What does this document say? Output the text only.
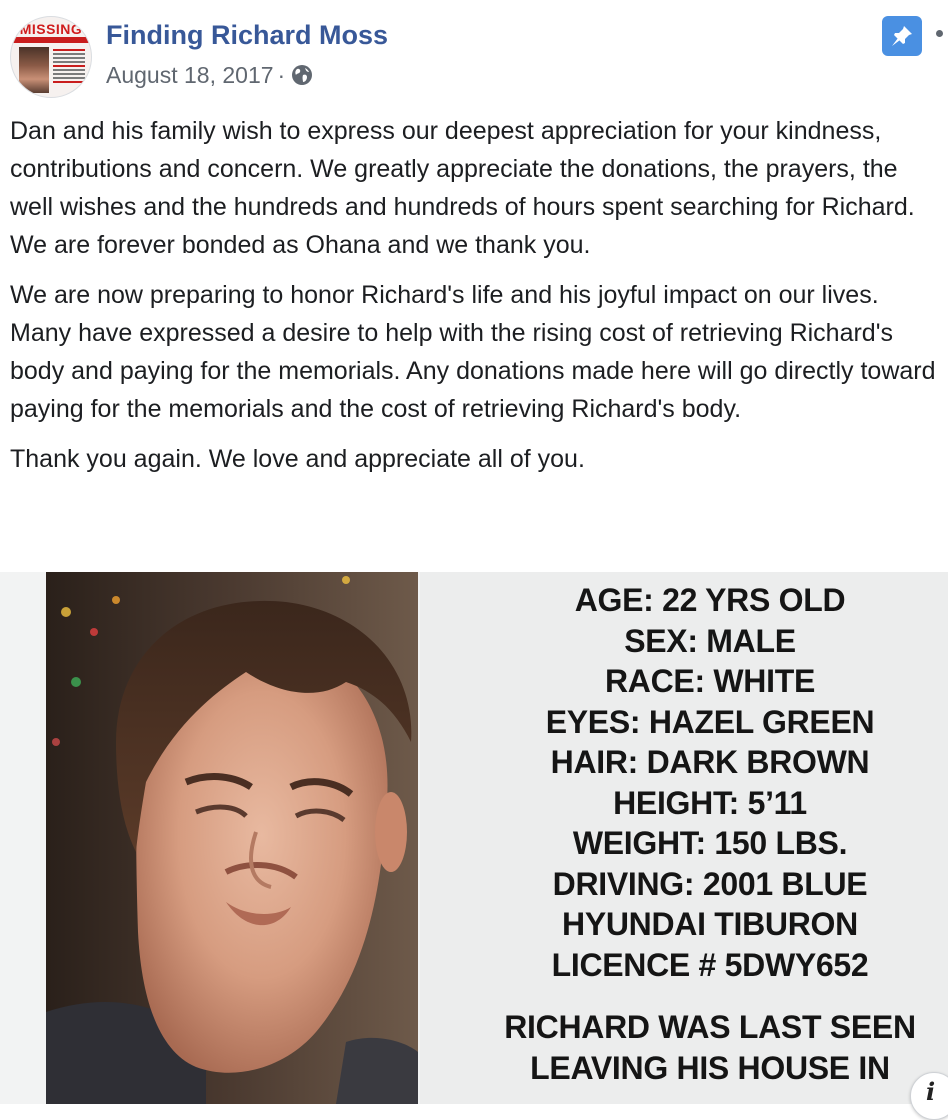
MISSING Finding Richard Moss
August 18, 2017 ·

Dan and his family wish to express our deepest appreciation for your kindness, contributions and concern. We greatly appreciate the donations, the prayers, the well wishes and the hundreds and hundreds of hours spent searching for Richard. We are forever bonded as Ohana and we thank you.

We are now preparing to honor Richard's life and his joyful impact on our lives. Many have expressed a desire to help with the rising cost of retrieving Richard's body and paying for the memorials. Any donations made here will go directly toward paying for the memorials and the cost of retrieving Richard's body.

Thank you again. We love and appreciate all of you.

AGE: 22 YRS OLD
SEX: MALE
RACE: WHITE
EYES: HAZEL GREEN
HAIR: DARK BROWN
HEIGHT: 5’11
WEIGHT: 150 LBS.
DRIVING: 2001 BLUE
HYUNDAI TIBURON
LICENCE # 5DWY652
RICHARD WAS LAST SEEN
LEAVING HIS HOUSE IN
i
